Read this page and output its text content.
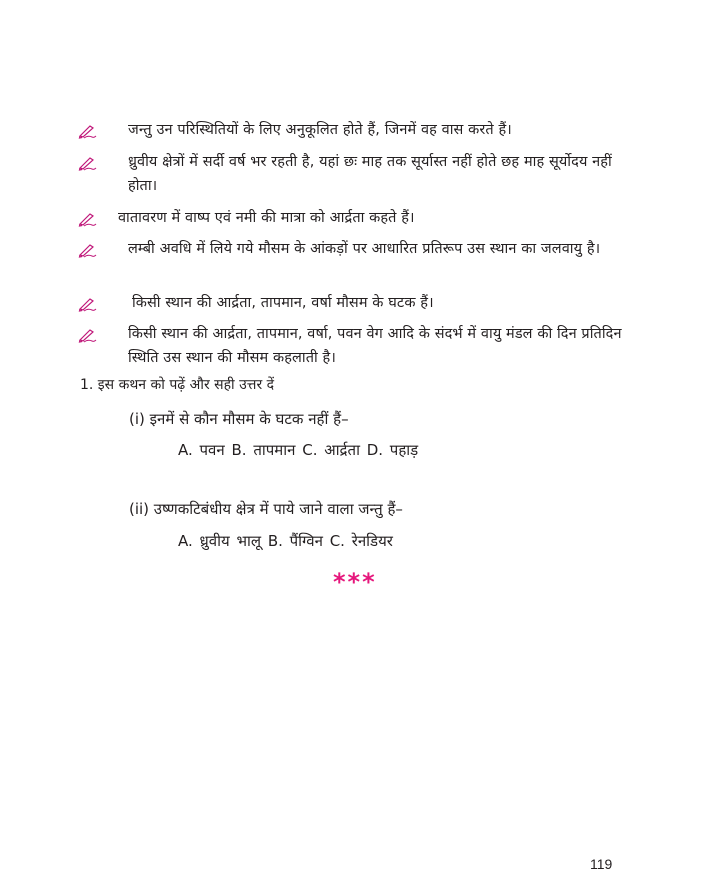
जन्तु उन परिस्थितियों के लिए अनुकूलित होते हैं, जिनमें वह वास करते हैं।
ध्रुवीय क्षेत्रों में सर्दी वर्ष भर रहती है, यहां छः माह तक सूर्यास्त नहीं होते छह माह सूर्योदय नहीं होता।
वातावरण में वाष्प एवं नमी की मात्रा को आर्द्रता कहते हैं।
लम्बी अवधि में लिये गये मौसम के आंकड़ों पर आधारित प्रतिरूप उस स्थान का जलवायु है।
किसी स्थान की आर्द्रता, तापमान, वर्षा मौसम के घटक हैं।
किसी स्थान की आर्द्रता, तापमान, वर्षा, पवन वेग आदि के संदर्भ में वायु मंडल की दिन प्रतिदिन स्थिति उस स्थान की मौसम कहलाती है।
1. इस कथन को पढ़ें और सही उत्तर दें
(i) इनमें से कौन मौसम के घटक नहीं हैं–
A. पवन B. तापमान C. आर्द्रता D. पहाड़
(ii) उष्णकटिबंधीय क्षेत्र में पाये जाने वाला जन्तु हैं–
A. ध्रुवीय भालू B. पैंग्विन C. रेनडियर
***
119
